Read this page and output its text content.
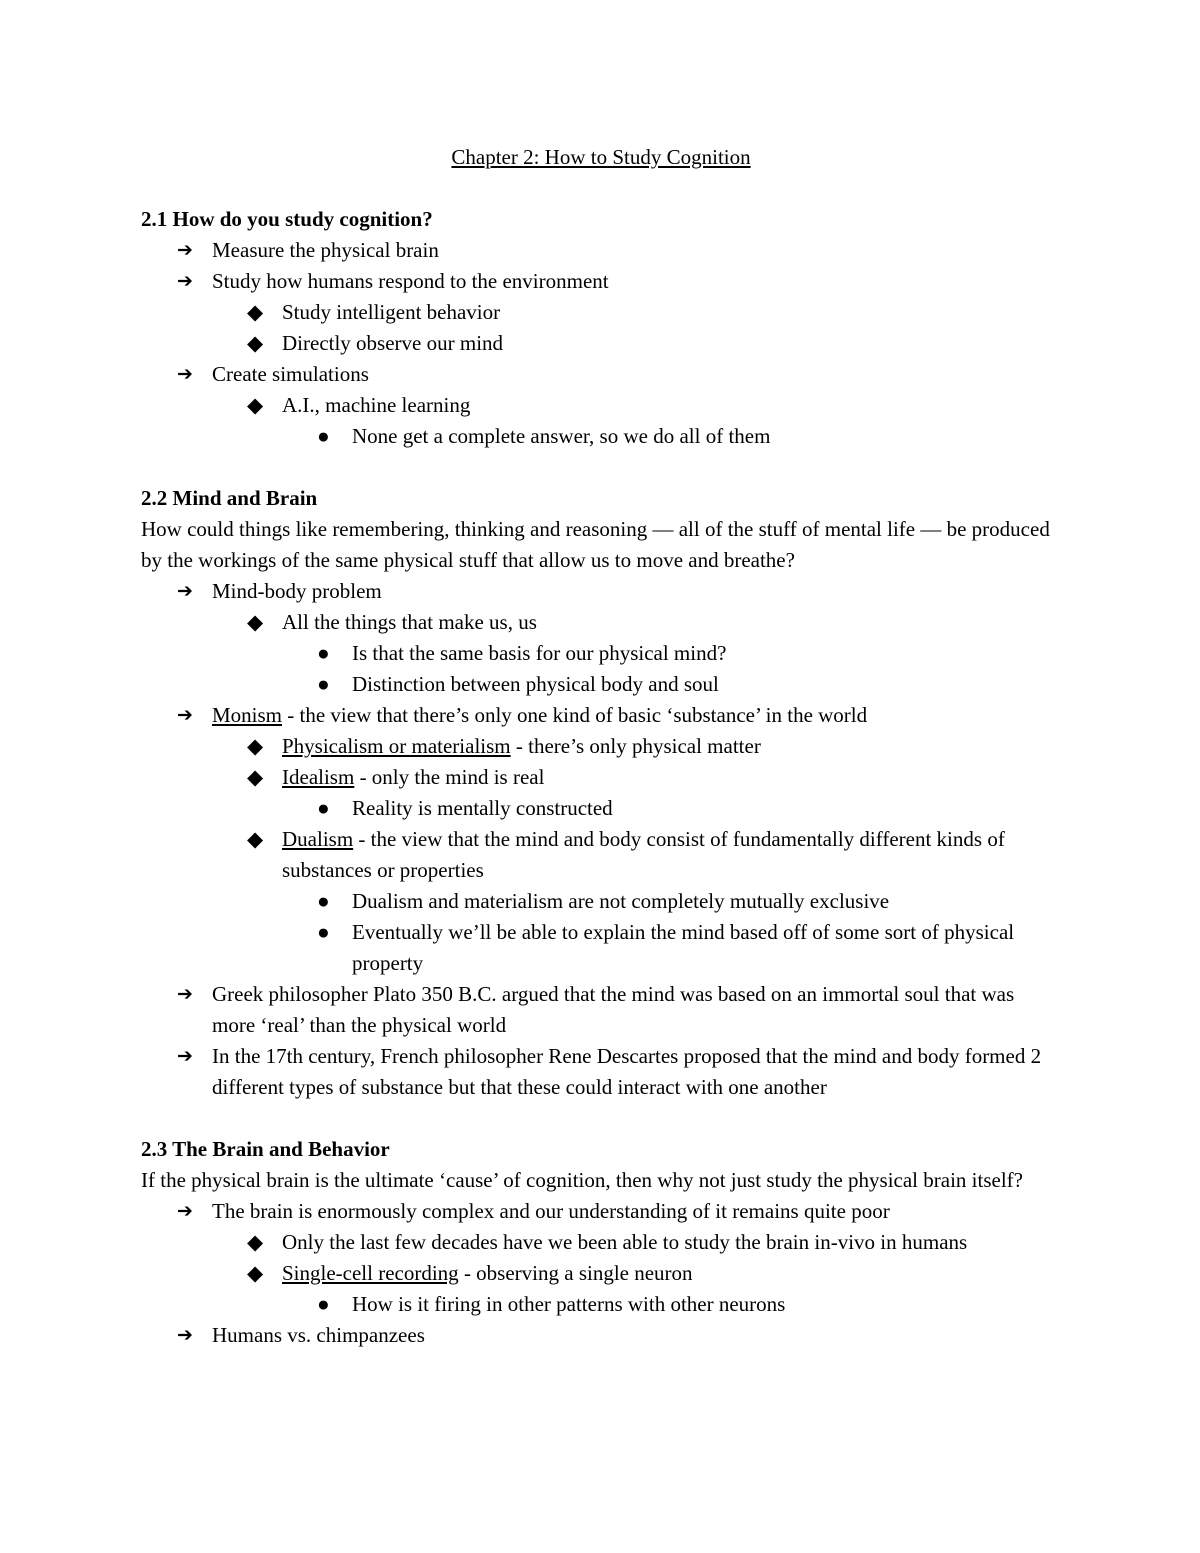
Chapter 2: How to Study Cognition
2.1 How do you study cognition?
➔ Measure the physical brain
➔ Study how humans respond to the environment
◆ Study intelligent behavior
◆ Directly observe our mind
➔ Create simulations
◆ A.I., machine learning
● None get a complete answer, so we do all of them
2.2 Mind and Brain
How could things like remembering, thinking and reasoning — all of the stuff of mental life — be produced by the workings of the same physical stuff that allow us to move and breathe?
➔ Mind-body problem
◆ All the things that make us, us
● Is that the same basis for our physical mind?
● Distinction between physical body and soul
➔ Monism - the view that there’s only one kind of basic ‘substance’ in the world
◆ Physicalism or materialism - there’s only physical matter
◆ Idealism - only the mind is real
● Reality is mentally constructed
◆ Dualism - the view that the mind and body consist of fundamentally different kinds of substances or properties
● Dualism and materialism are not completely mutually exclusive
● Eventually we’ll be able to explain the mind based off of some sort of physical property
➔ Greek philosopher Plato 350 B.C. argued that the mind was based on an immortal soul that was more ‘real’ than the physical world
➔ In the 17th century, French philosopher Rene Descartes proposed that the mind and body formed 2 different types of substance but that these could interact with one another
2.3 The Brain and Behavior
If the physical brain is the ultimate ‘cause’ of cognition, then why not just study the physical brain itself?
➔ The brain is enormously complex and our understanding of it remains quite poor
◆ Only the last few decades have we been able to study the brain in-vivo in humans
◆ Single-cell recording - observing a single neuron
● How is it firing in other patterns with other neurons
➔ Humans vs. chimpanzees
